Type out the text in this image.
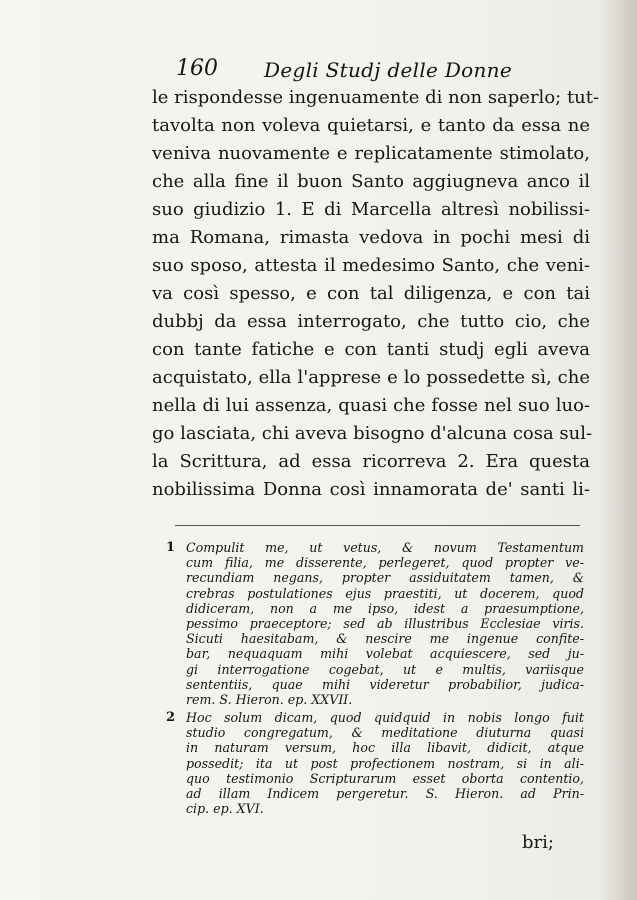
160 Degli Studj delle Donne
le rispondesse ingenuamente di non saperlo; tut-
tavolta non voleva quietarsi, e tanto da essa ne
veniva nuovamente e replicatamente stimolato,
che alla fine il buon Santo aggiugneva anco il
suo giudizio 1. E di Marcella altresì nobilissi-
ma Romana, rimasta vedova in pochi mesi di
suo sposo, attesta il medesimo Santo, che veni-
va così spesso, e con tal diligenza, e con tai
dubbj da essa interrogato, che tutto cio, che
con tante fatiche e con tanti studj egli aveva
acquistato, ella l'apprese e lo possedette sì, che
nella di lui assenza, quasi che fosse nel suo luo-
go lasciata, chi aveva bisogno d'alcuna cosa sul-
la Scrittura, ad essa ricorreva 2. Era questa
nobilissima Donna così innamorata de' santi li-
1 Compulit me, ut vetus, & novum Testamentum
cum filia, me disserente, perlegeret, quod propter ve-
recundiam negans, propter assiduitatem tamen, &
crebras postulationes ejus praestiti, ut docerem, quod
didiceram, non a me ipso, idest a praesumptione,
pessimo praeceptore; sed ab illustribus Ecclesiae viris.
Sicuti haesitabam, & nescire me ingenue confite-
bar, nequaquam mihi volebat acquiescere, sed ju-
gi interrogatione cogebat, ut e multis, variisque
sententiis, quae mihi videretur probabilior, judica-
rem. S. Hieron. ep. XXVII.
2 Hoc solum dicam, quod quidquid in nobis longo fuit
studio congregatum, & meditatione diuturna quasi
in naturam versum, hoc illa libavit, didicit, atque
possedit; ita ut post profectionem nostram, si in ali-
quo testimonio Scripturarum esset oborta contentio,
ad illam Indicem pergeretur. S. Hieron. ad Prin-
cip. ep. XVI.
bri;
